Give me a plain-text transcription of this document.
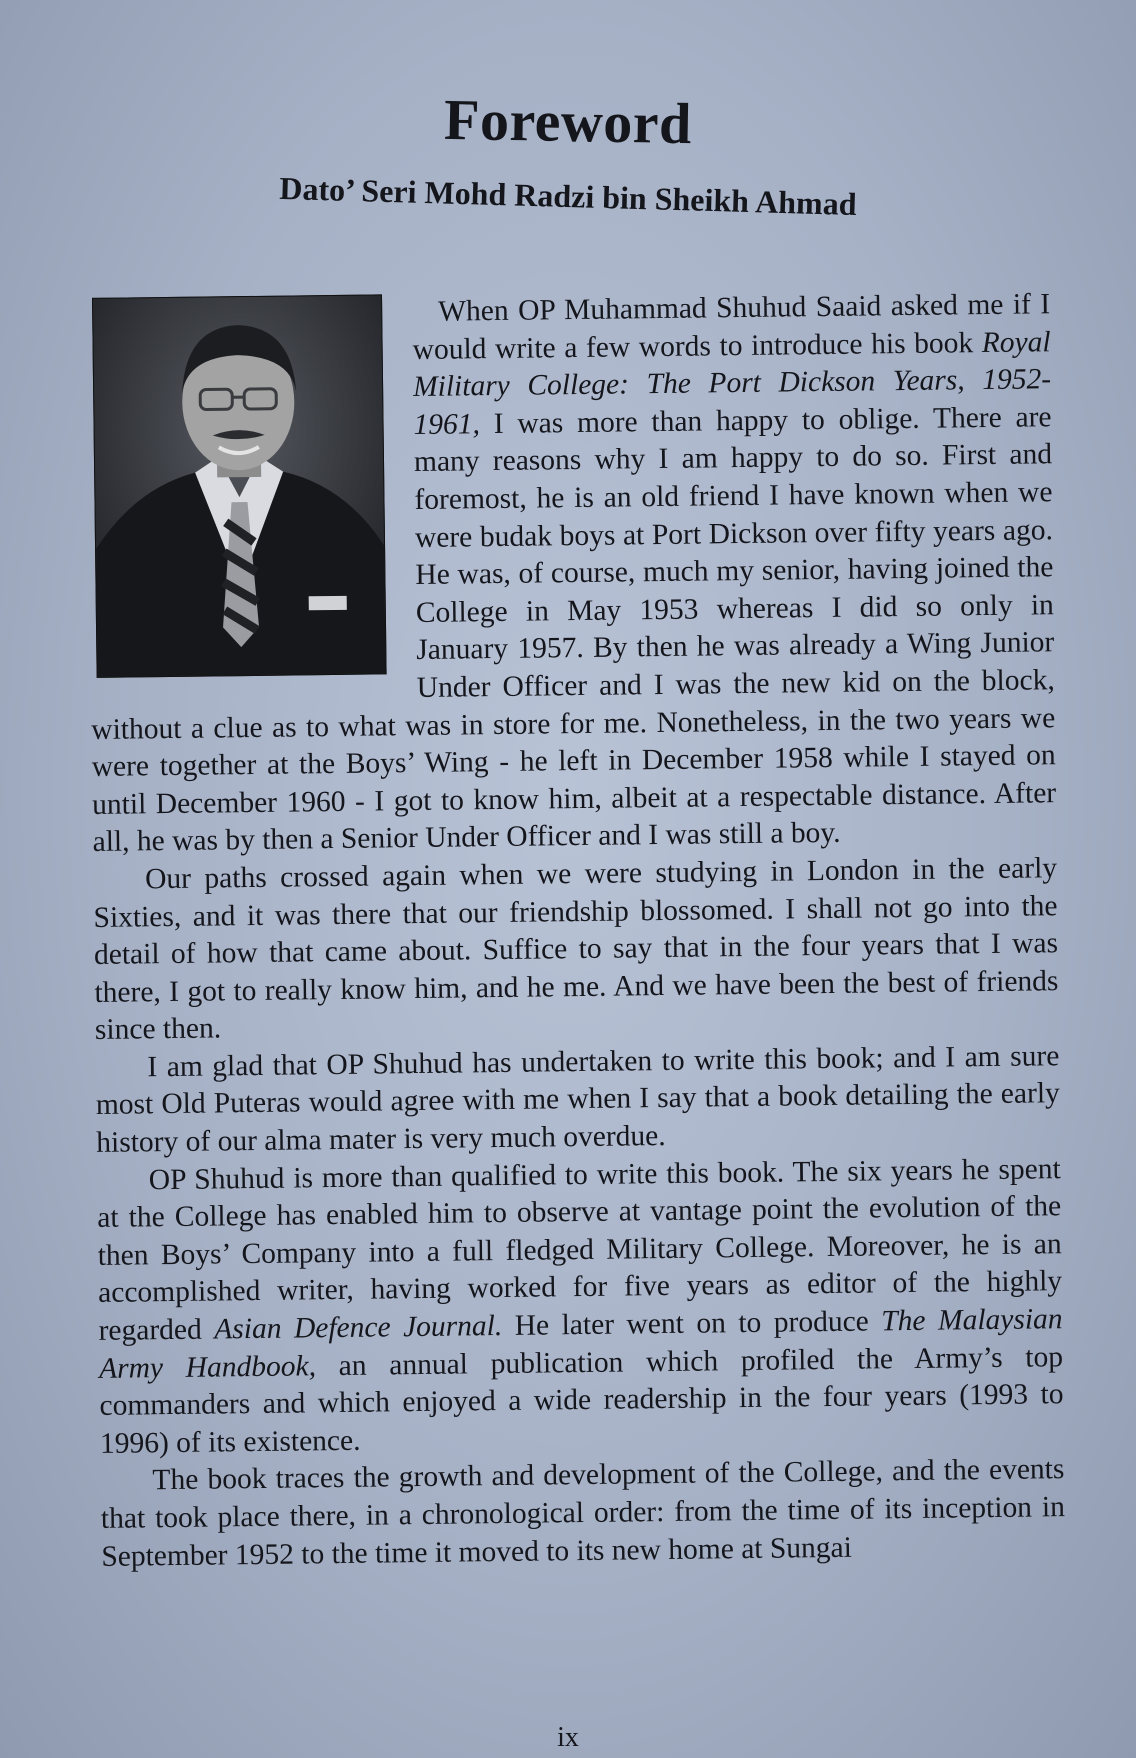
Foreword
Dato’ Seri Mohd Radzi bin Sheikh Ahmad

When OP Muhammad Shuhud Saaid asked me if I would write a few words to introduce his book Royal Military College: The Port Dickson Years, 1952-1961, I was more than happy to oblige. There are many reasons why I am happy to do so. First and foremost, he is an old friend I have known when we were budak boys at Port Dickson over fifty years ago. He was, of course, much my senior, having joined the College in May 1953 whereas I did so only in January 1957. By then he was already a Wing Junior Under Officer and I was the new kid on the block, without a clue as to what was in store for me. Nonetheless, in the two years we were together at the Boys’ Wing - he left in December 1958 while I stayed on until December 1960 - I got to know him, albeit at a respectable distance. After all, he was by then a Senior Under Officer and I was still a boy.

Our paths crossed again when we were studying in London in the early Sixties, and it was there that our friendship blossomed. I shall not go into the detail of how that came about. Suffice to say that in the four years that I was there, I got to really know him, and he me. And we have been the best of friends since then.

I am glad that OP Shuhud has undertaken to write this book; and I am sure most Old Puteras would agree with me when I say that a book detailing the early history of our alma mater is very much overdue.

OP Shuhud is more than qualified to write this book. The six years he spent at the College has enabled him to observe at vantage point the evolution of the then Boys’ Company into a full fledged Military College. Moreover, he is an accomplished writer, having worked for five years as editor of the highly regarded Asian Defence Journal. He later went on to produce The Malaysian Army Handbook, an annual publication which profiled the Army’s top commanders and which enjoyed a wide readership in the four years (1993 to 1996) of its existence.

The book traces the growth and development of the College, and the events that took place there, in a chronological order: from the time of its inception in September 1952 to the time it moved to its new home at Sungai

ix
